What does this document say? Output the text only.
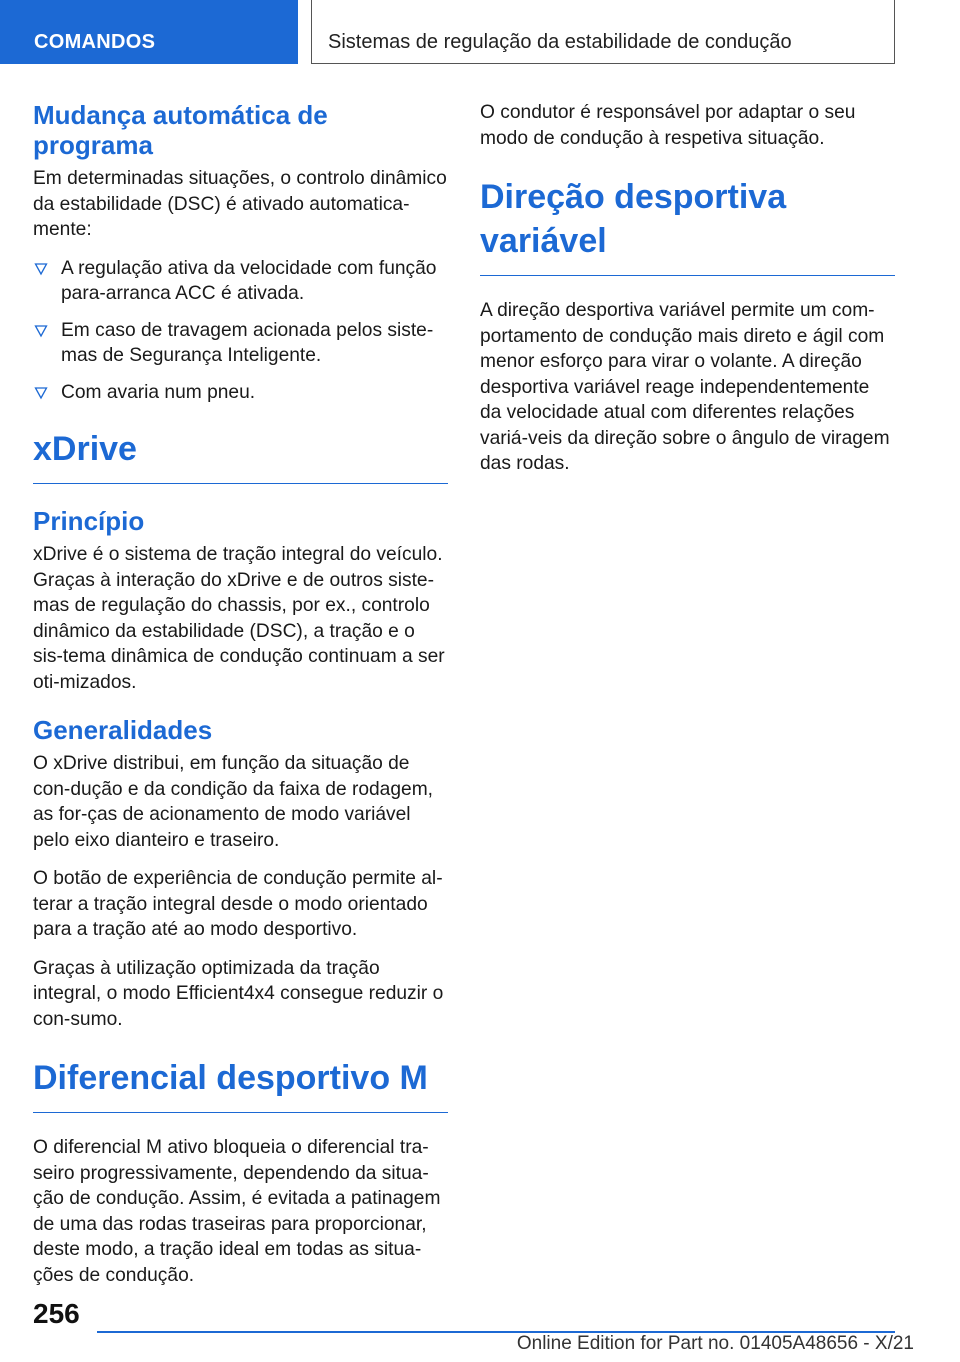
COMANDOS	Sistemas de regulação da estabilidade de condução
Mudança automática de programa

Em determinadas situações, o controlo dinâmico da estabilidade (DSC) é ativado automatica-mente:

A regulação ativa da velocidade com função para-arranca ACC é ativada.
Em caso de travagem acionada pelos siste-mas de Segurança Inteligente.
Com avaria num pneu.
xDrive
Princípio

xDrive é o sistema de tração integral do veículo. Graças à interação do xDrive e de outros siste-mas de regulação do chassis, por ex., controlo dinâmico da estabilidade (DSC), a tração e o sis-tema dinâmica de condução continuam a ser oti-mizados.

Generalidades

O xDrive distribui, em função da situação de con-dução e da condição da faixa de rodagem, as for-ças de acionamento de modo variável pelo eixo dianteiro e traseiro.

O botão de experiência de condução permite al-terar a tração integral desde o modo orientado para a tração até ao modo desportivo.

Graças à utilização optimizada da tração integral, o modo Efficient4x4 consegue reduzir o con-sumo.

Diferencial desportivo M

O diferencial M ativo bloqueia o diferencial tra-seiro progressivamente, dependendo da situa-ção de condução. Assim, é evitada a patinagem de uma das rodas traseiras para proporcionar, deste modo, a tração ideal em todas as situa-ções de condução.

O condutor é responsável por adaptar o seu modo de condução à respetiva situação.

Direção desportiva variável

A direção desportiva variável permite um com-portamento de condução mais direto e ágil com menor esforço para virar o volante. A direção desportiva variável reage independentemente da velocidade atual com diferentes relações variá-veis da direção sobre o ângulo de viragem das rodas.

256
Online Edition for Part no. 01405A48656 - X/21
